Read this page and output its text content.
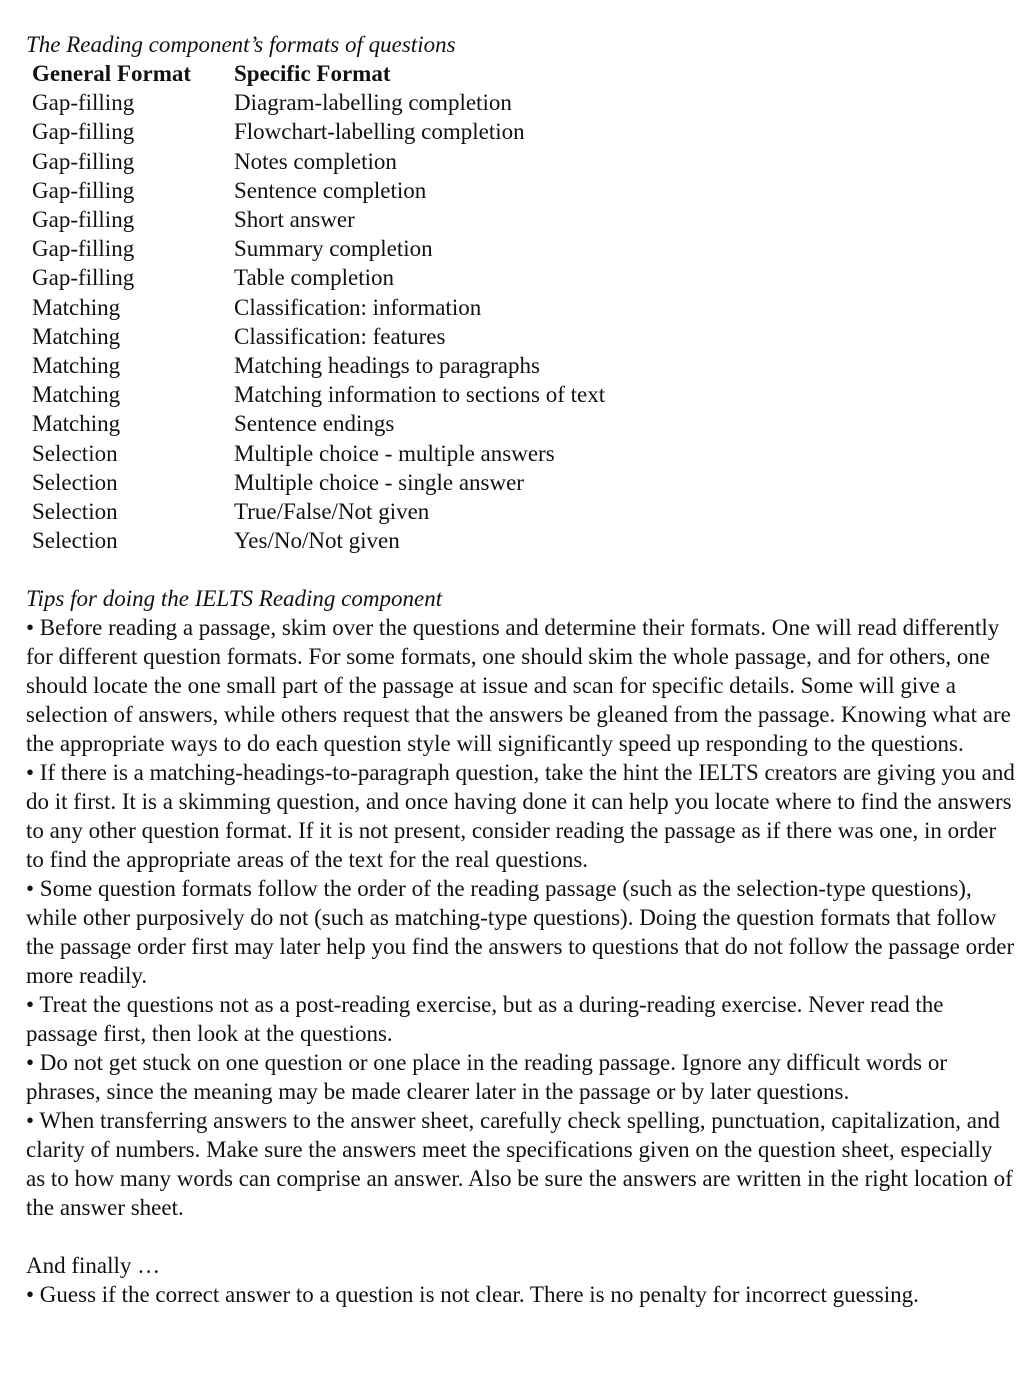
The Reading component’s formats of questions

General Format	Specific Format
Gap-filling	Diagram-labelling completion
Gap-filling	Flowchart-labelling completion
Gap-filling	Notes completion
Gap-filling	Sentence completion
Gap-filling	Short answer
Gap-filling	Summary completion
Gap-filling	Table completion
Matching	Classification: information
Matching	Classification: features
Matching	Matching headings to paragraphs
Matching	Matching information to sections of text
Matching	Sentence endings
Selection	Multiple choice - multiple answers
Selection	Multiple choice - single answer
Selection	True/False/Not given
Selection	Yes/No/Not given

Tips for doing the IELTS Reading component

• Before reading a passage, skim over the questions and determine their formats. One will read differently for different question formats. For some formats, one should skim the whole passage, and for others, one should locate the one small part of the passage at issue and scan for specific details. Some will give a selection of answers, while others request that the answers be gleaned from the passage. Knowing what are the appropriate ways to do each question style will significantly speed up responding to the questions.

• If there is a matching-headings-to-paragraph question, take the hint the IELTS creators are giving you and do it first. It is a skimming question, and once having done it can help you locate where to find the answers to any other question format. If it is not present, consider reading the passage as if there was one, in order to find the appropriate areas of the text for the real questions.

• Some question formats follow the order of the reading passage (such as the selection-type questions), while other purposively do not (such as matching-type questions). Doing the question formats that follow the passage order first may later help you find the answers to questions that do not follow the passage order more readily.

• Treat the questions not as a post-reading exercise, but as a during-reading exercise. Never read the passage first, then look at the questions.

• Do not get stuck on one question or one place in the reading passage. Ignore any difficult words or phrases, since the meaning may be made clearer later in the passage or by later questions.

• When transferring answers to the answer sheet, carefully check spelling, punctuation, capitalization, and clarity of numbers. Make sure the answers meet the specifications given on the question sheet, especially as to how many words can comprise an answer. Also be sure the answers are written in the right location of the answer sheet.

And finally …

• Guess if the correct answer to a question is not clear. There is no penalty for incorrect guessing.
